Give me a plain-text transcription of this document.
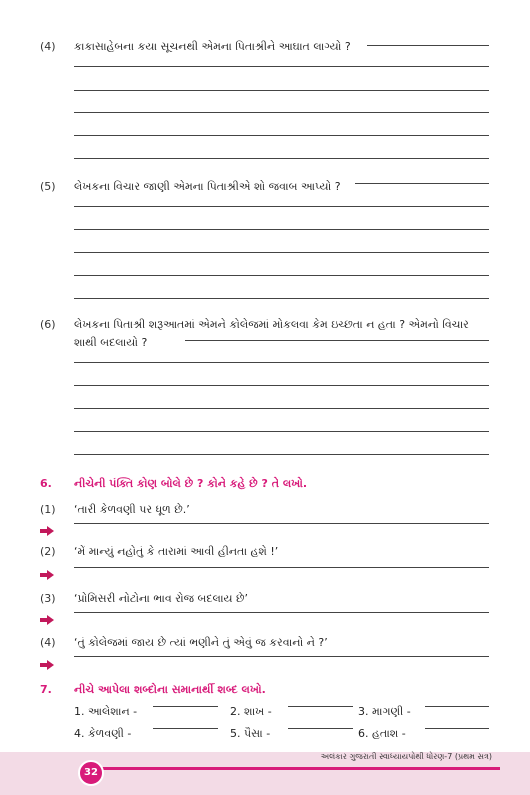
(4) કાકાસાહેબના કયા સૂચનથી એમના પિતાશ્રીને આઘાત લાગ્યો ?
(5) લેખકના વિચાર જાણી એમના પિતાશ્રીએ શો જવાબ આપ્યો ?
(6) લેખકના પિતાશ્રી શરૂઆતમાં એમને કોલેજમાં મોકલવા કેમ ઇચ્છતા ન હતા ? એમનો વિચાર
શાથી બદલાયો ?
6. નીચેની પંક્તિ કોણ બોલે છે ? કોને કહે છે ? તે લખો.
(1) ‘તારી કેળવણી પર ધૂળ છે.’
(2) ‘મેં માન્યું નહોતું કે તારામાં આવી હીનતા હશે !’
(3) ‘પ્રોમિસરી નોટોના ભાવ રોજ બદલાય છે’
(4) ‘તું કોલેજમાં જાય છે ત્યાં ભણીને તું એવું જ કરવાનો ને ?’
7. નીચે આપેલા શબ્દોના સમાનાર્થી શબ્દ લખો.
1. આલેશાન -	2. શાખ -	3. માગણી -
4. કેળવણી -	5. પૈસા -	6. હતાશ -
અલંકાર ગુજરાતી સ્વાધ્યાયપોથી ધોરણ-7 (પ્રથમ સત્ર)
32
